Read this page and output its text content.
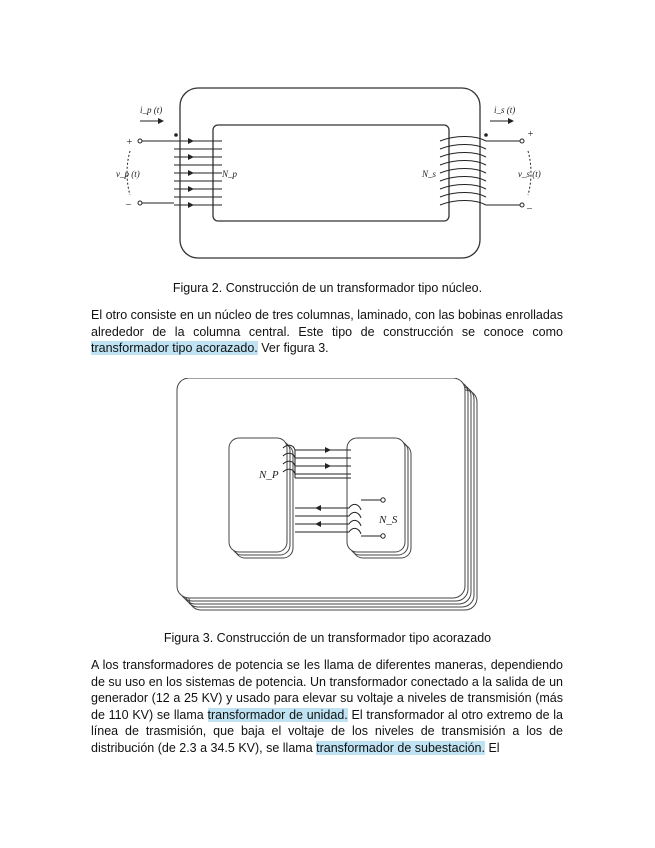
i_p (t)	i_s (t)
v_p (t)	v_s (t)
N_p	N_s
+
–
+
–
Figura 2. Construcción de un transformador tipo núcleo.
El otro consiste en un núcleo de tres columnas, laminado, con las bobinas enrolladas alrededor de la columna central. Este tipo de construcción se conoce como transformador tipo acorazado. Ver figura 3.
N_P
N_S
Figura 3. Construcción de un transformador tipo acorazado
A los transformadores de potencia se les llama de diferentes maneras, dependiendo de su uso en los sistemas de potencia. Un transformador conectado a la salida de un generador (12 a 25 KV) y usado para elevar su voltaje a niveles de transmisión (más de 110 KV) se llama transformador de unidad. El transformador al otro extremo de la línea de trasmisión, que baja el voltaje de los niveles de transmisión a los de distribución (de 2.3 a 34.5 KV), se llama transformador de subestación. El
